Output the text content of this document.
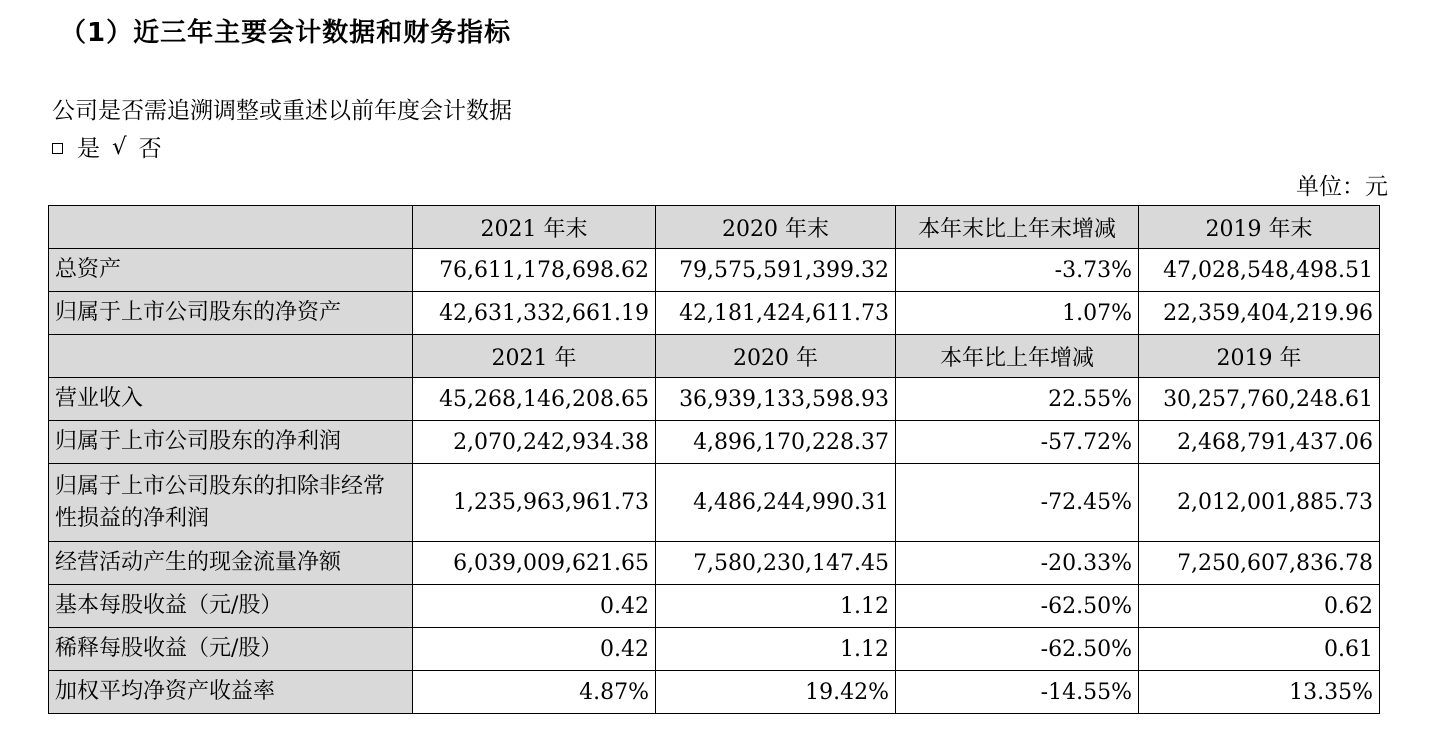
（1）近三年主要会计数据和财务指标
公司是否需追溯调整或重述以前年度会计数据
是 √ 否
单位：元
	2021 年末	2020 年末	本年末比上年末增减	2019 年末
总资产	76,611,178,698.62	79,575,591,399.32	-3.73%	47,028,548,498.51
归属于上市公司股东的净资产	42,631,332,661.19	42,181,424,611.73	1.07%	22,359,404,219.96
	2021 年	2020 年	本年比上年增减	2019 年
营业收入	45,268,146,208.65	36,939,133,598.93	22.55%	30,257,760,248.61
归属于上市公司股东的净利润	2,070,242,934.38	4,896,170,228.37	-57.72%	2,468,791,437.06
归属于上市公司股东的扣除非经常性损益的净利润	1,235,963,961.73	4,486,244,990.31	-72.45%	2,012,001,885.73
经营活动产生的现金流量净额	6,039,009,621.65	7,580,230,147.45	-20.33%	7,250,607,836.78
基本每股收益（元/股）	0.42	1.12	-62.50%	0.62
稀释每股收益（元/股）	0.42	1.12	-62.50%	0.61
加权平均净资产收益率	4.87%	19.42%	-14.55%	13.35%
